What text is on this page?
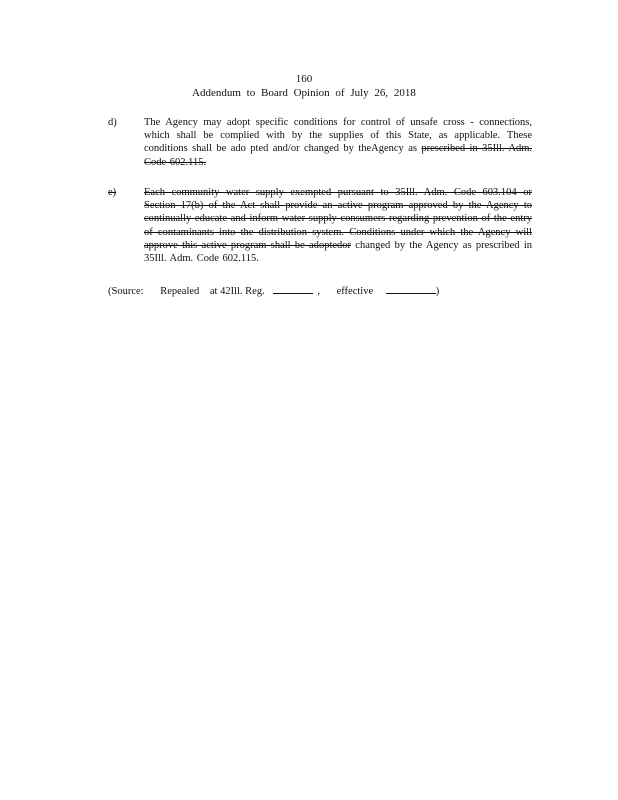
160
Addendum to Board Opinion of July 26, 2018
d)	The Agency may adopt specific conditions for control of unsafe cross - connections, which shall be complied with by the supplies of this State, as applicable. These conditions shall be ado pted and/or changed by theAgency as prescribed in 35Ill. Adm. Code 602.115.
e)	Each community water supply exempted pursuant to 35Ill. Adm. Code 603.104 or Section 17(b) of the Act shall provide an active program approved by the Agency to continually educate and inform water supply consumers regarding prevention of the entry of contaminants into the distribution system. Conditions under which the Agency will approve this active program shall be adoptedor changed by the Agency as prescribed in 35Ill. Adm. Code 602.115.
(Source: Repealed at 42Ill. Reg.	, effective	)
